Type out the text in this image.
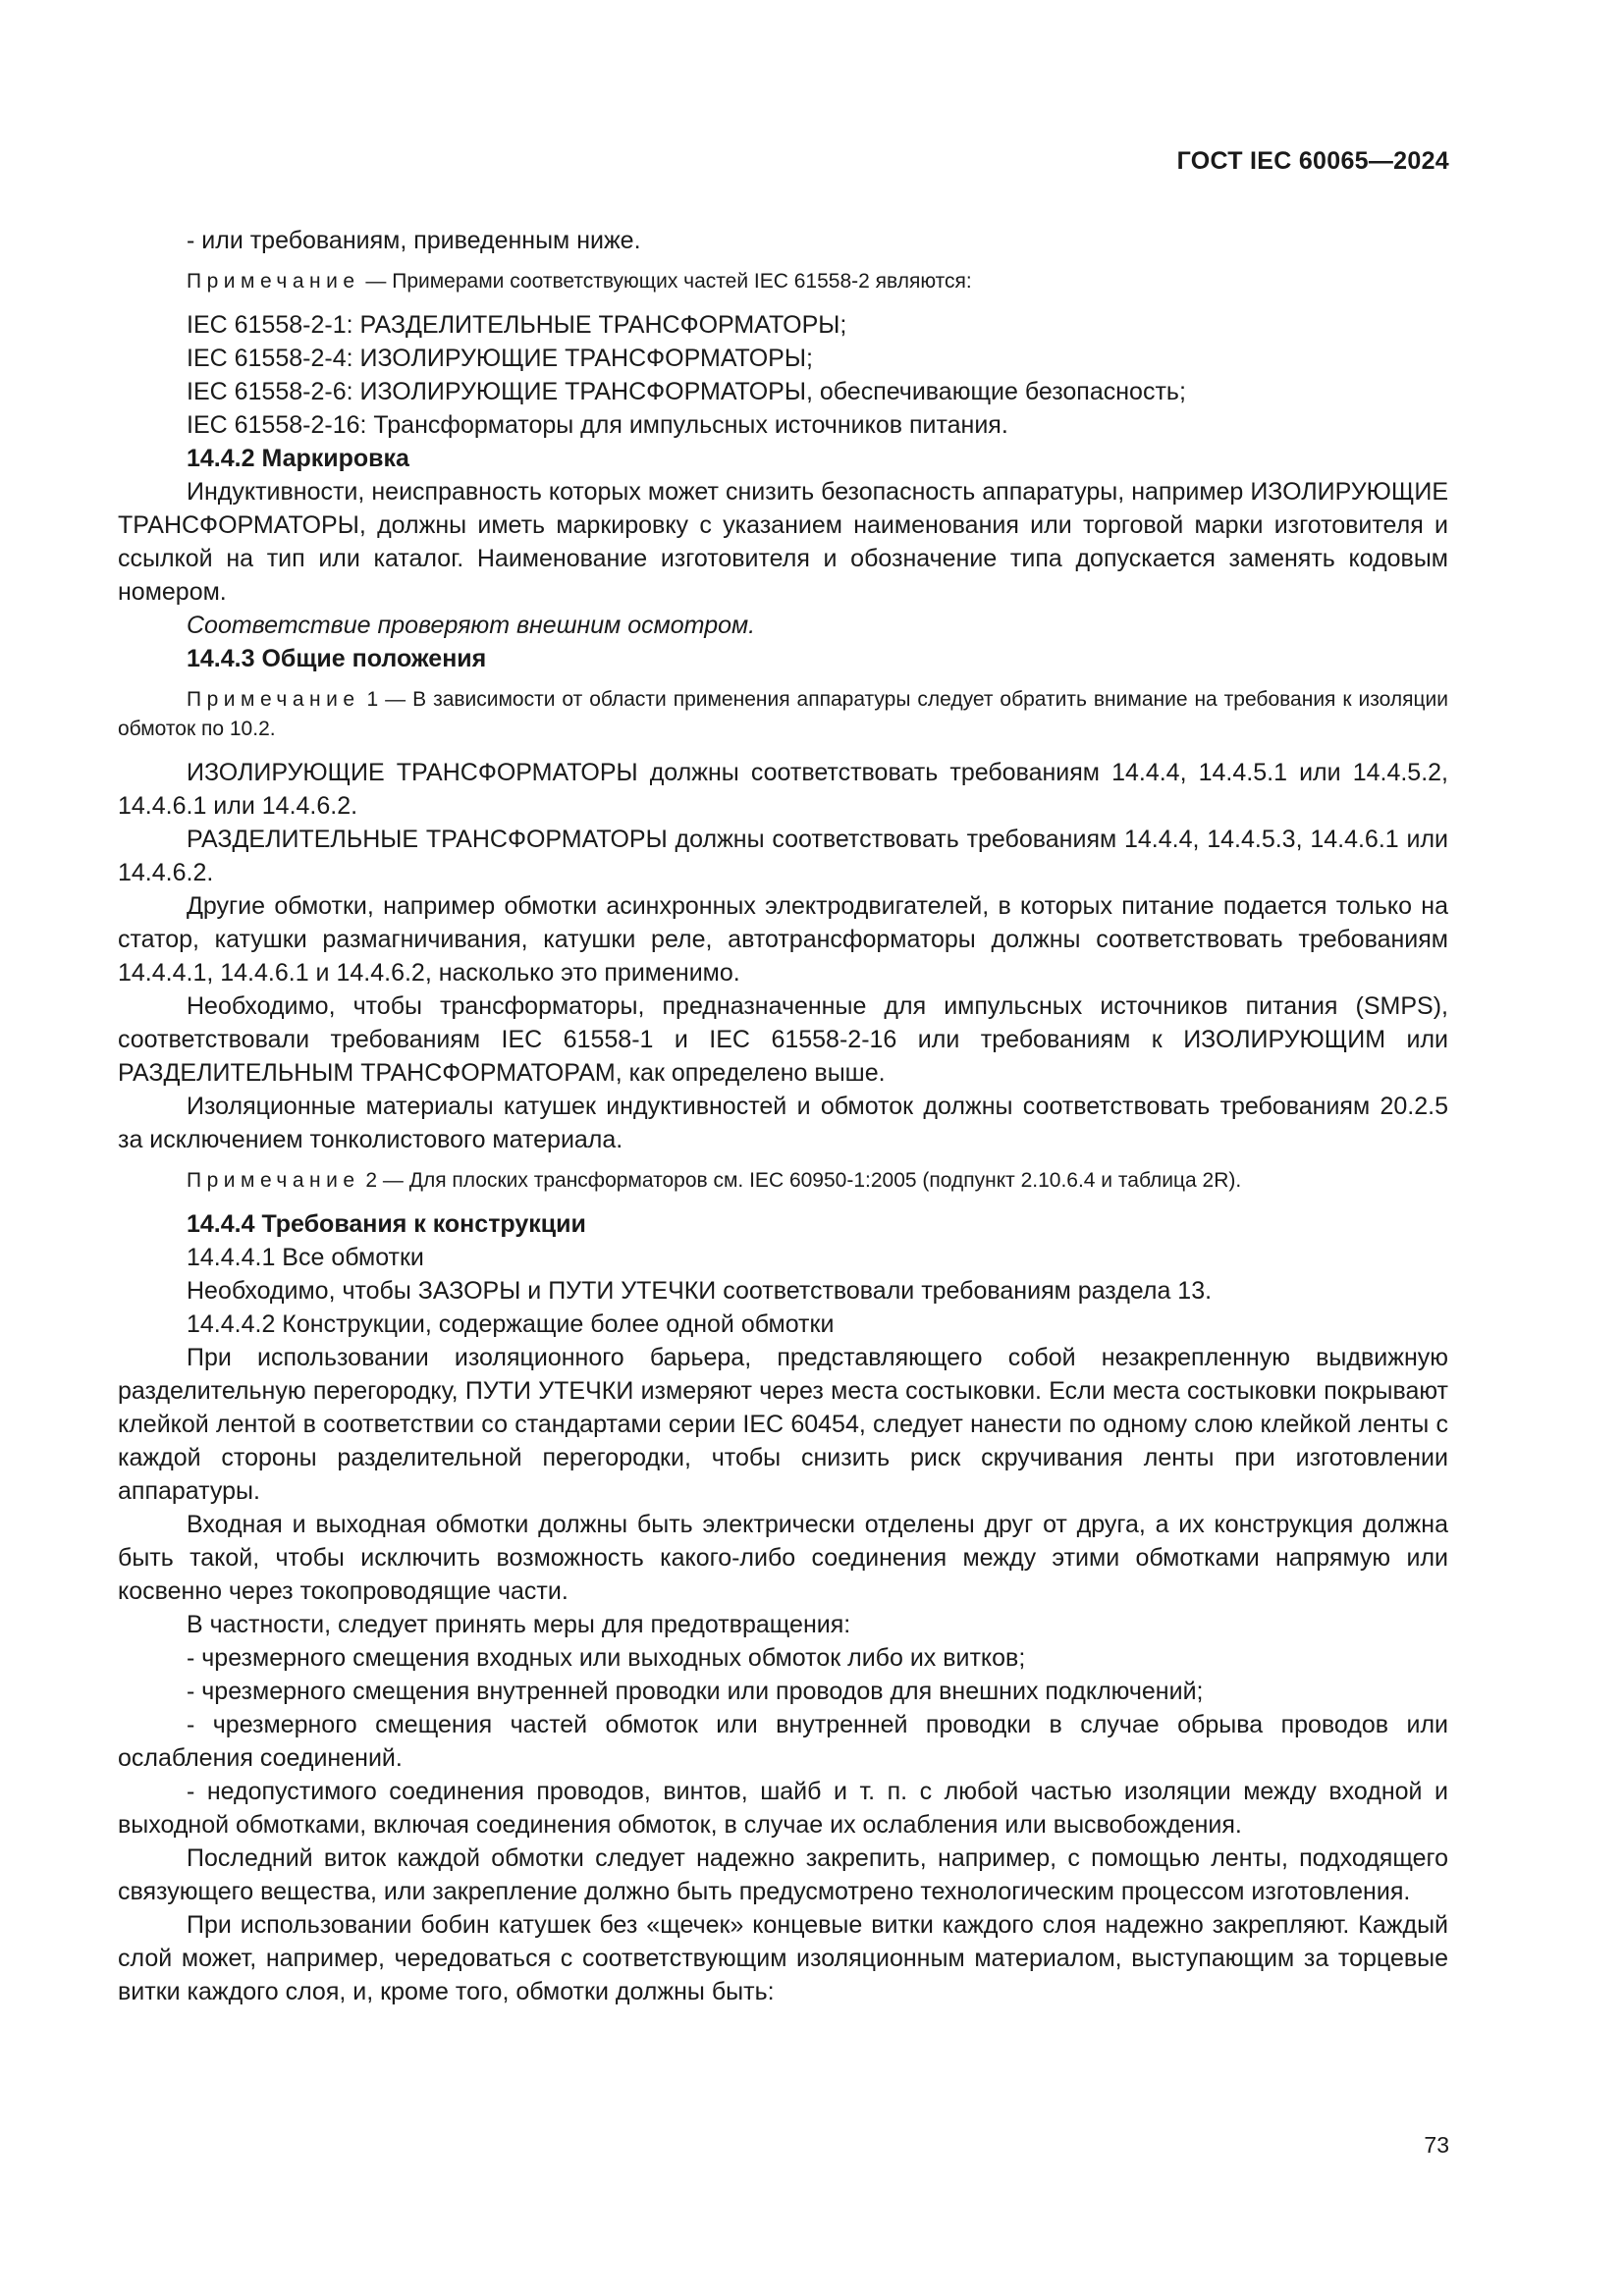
ГОСТ IEC 60065—2024

- или требованиям, приведенным ниже.

Примечание — Примерами соответствующих частей IEC 61558-2 являются:

IEC 61558-2-1: РАЗДЕЛИТЕЛЬНЫЕ ТРАНСФОРМАТОРЫ;

IEC 61558-2-4: ИЗОЛИРУЮЩИЕ ТРАНСФОРМАТОРЫ;

IEC 61558-2-6: ИЗОЛИРУЮЩИЕ ТРАНСФОРМАТОРЫ, обеспечивающие безопасность;

IEC 61558-2-16: Трансформаторы для импульсных источников питания.

14.4.2 Маркировка

Индуктивности, неисправность которых может снизить безопасность аппаратуры, например ИЗОЛИРУЮЩИЕ ТРАНСФОРМАТОРЫ, должны иметь маркировку с указанием наименования или торговой марки изготовителя и ссылкой на тип или каталог. Наименование изготовителя и обозначение типа допускается заменять кодовым номером.

Соответствие проверяют внешним осмотром.

14.4.3 Общие положения

Примечание 1 — В зависимости от области применения аппаратуры следует обратить внимание на требования к изоляции обмоток по 10.2.

ИЗОЛИРУЮЩИЕ ТРАНСФОРМАТОРЫ должны соответствовать требованиям 14.4.4, 14.4.5.1 или 14.4.5.2, 14.4.6.1 или 14.4.6.2.

РАЗДЕЛИТЕЛЬНЫЕ ТРАНСФОРМАТОРЫ должны соответствовать требованиям 14.4.4, 14.4.5.3, 14.4.6.1 или 14.4.6.2.

Другие обмотки, например обмотки асинхронных электродвигателей, в которых питание подается только на статор, катушки размагничивания, катушки реле, автотрансформаторы должны соответствовать требованиям 14.4.4.1, 14.4.6.1 и 14.4.6.2, насколько это применимо.

Необходимо, чтобы трансформаторы, предназначенные для импульсных источников питания (SMPS), соответствовали требованиям IEC 61558-1 и IEC 61558-2-16 или требованиям к ИЗОЛИРУЮЩИМ или РАЗДЕЛИТЕЛЬНЫМ ТРАНСФОРМАТОРАМ, как определено выше.

Изоляционные материалы катушек индуктивностей и обмоток должны соответствовать требованиям 20.2.5 за исключением тонколистового материала.

Примечание 2 — Для плоских трансформаторов см. IEC 60950-1:2005 (подпункт 2.10.6.4 и таблица 2R).

14.4.4 Требования к конструкции

14.4.4.1 Все обмотки

Необходимо, чтобы ЗАЗОРЫ и ПУТИ УТЕЧКИ соответствовали требованиям раздела 13.

14.4.4.2 Конструкции, содержащие более одной обмотки

При использовании изоляционного барьера, представляющего собой незакрепленную выдвижную разделительную перегородку, ПУТИ УТЕЧКИ измеряют через места состыковки. Если места состыковки покрывают клейкой лентой в соответствии со стандартами серии IEC 60454, следует нанести по одному слою клейкой ленты с каждой стороны разделительной перегородки, чтобы снизить риск скручивания ленты при изготовлении аппаратуры.

Входная и выходная обмотки должны быть электрически отделены друг от друга, а их конструкция должна быть такой, чтобы исключить возможность какого-либо соединения между этими обмотками напрямую или косвенно через токопроводящие части.

В частности, следует принять меры для предотвращения:

- чрезмерного смещения входных или выходных обмоток либо их витков;

- чрезмерного смещения внутренней проводки или проводов для внешних подключений;

- чрезмерного смещения частей обмоток или внутренней проводки в случае обрыва проводов или ослабления соединений.

- недопустимого соединения проводов, винтов, шайб и т. п. с любой частью изоляции между входной и выходной обмотками, включая соединения обмоток, в случае их ослабления или высвобождения.

Последний виток каждой обмотки следует надежно закрепить, например, с помощью ленты, подходящего связующего вещества, или закрепление должно быть предусмотрено технологическим процессом изготовления.

При использовании бобин катушек без «щечек» концевые витки каждого слоя надежно закрепляют. Каждый слой может, например, чередоваться с соответствующим изоляционным материалом, выступающим за торцевые витки каждого слоя, и, кроме того, обмотки должны быть:

73
